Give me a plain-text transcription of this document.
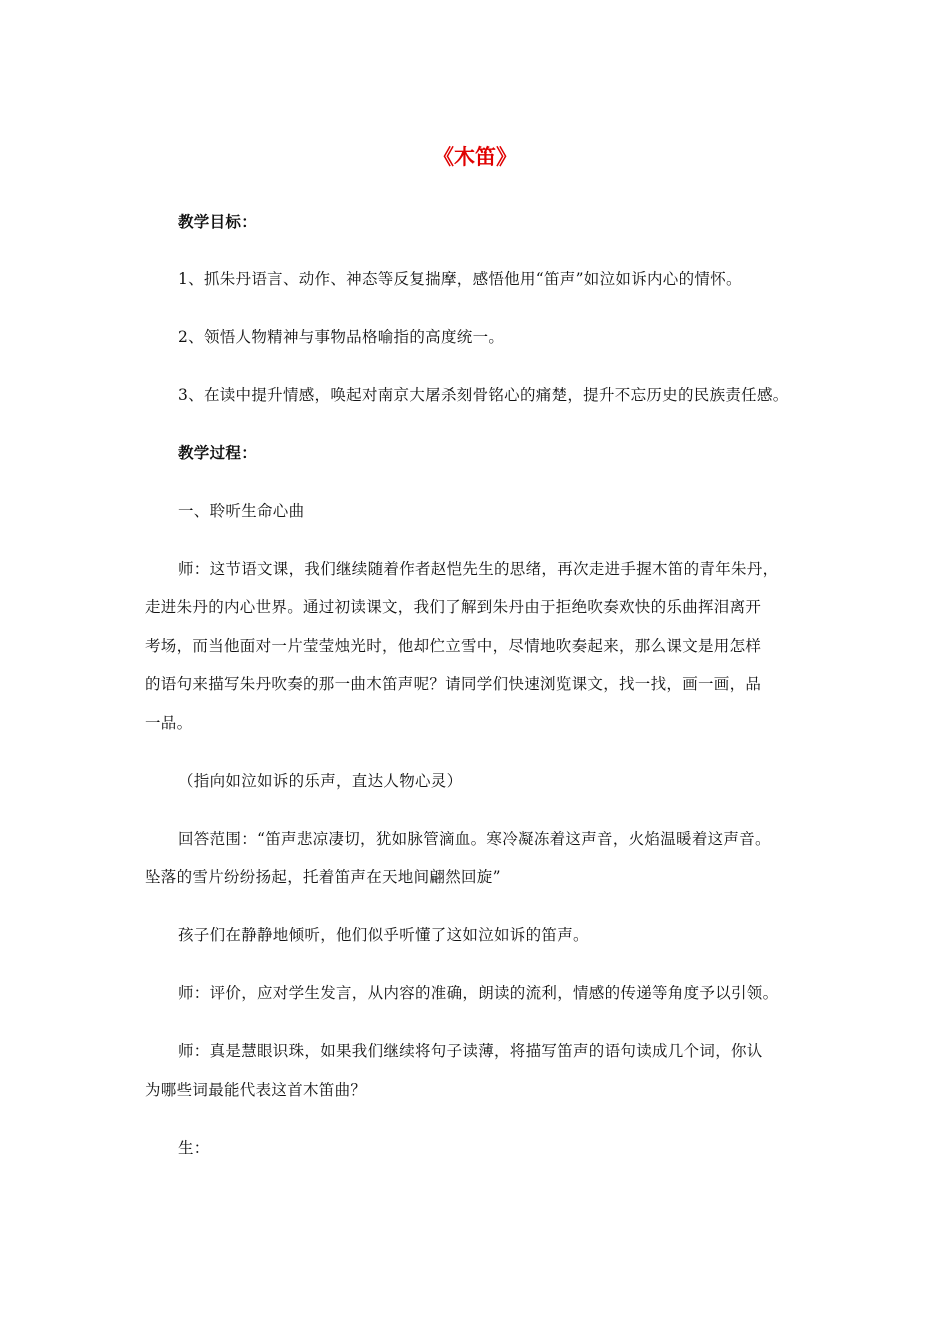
《木笛》
教学目标：
1、抓朱丹语言、动作、神态等反复揣摩，感悟他用“笛声”如泣如诉内心的情怀。
2、领悟人物精神与事物品格喻指的高度统一。
3、在读中提升情感，唤起对南京大屠杀刻骨铭心的痛楚，提升不忘历史的民族责任感。
教学过程：
一、聆听生命心曲
师：这节语文课，我们继续随着作者赵恺先生的思绪，再次走进手握木笛的青年朱丹，
走进朱丹的内心世界。通过初读课文，我们了解到朱丹由于拒绝吹奏欢快的乐曲挥泪离开
考场，而当他面对一片莹莹烛光时，他却伫立雪中，尽情地吹奏起来，那么课文是用怎样
的语句来描写朱丹吹奏的那一曲木笛声呢？请同学们快速浏览课文，找一找，画一画，品
一品。
（指向如泣如诉的乐声，直达人物心灵）
回答范围：“笛声悲凉凄切，犹如脉管滴血。寒冷凝冻着这声音，火焰温暖着这声音。
坠落的雪片纷纷扬起，托着笛声在天地间翩然回旋”
孩子们在静静地倾听，他们似乎听懂了这如泣如诉的笛声。
师：评价，应对学生发言，从内容的准确，朗读的流利，情感的传递等角度予以引领。
师：真是慧眼识珠，如果我们继续将句子读薄，将描写笛声的语句读成几个词，你认
为哪些词最能代表这首木笛曲？
生：
